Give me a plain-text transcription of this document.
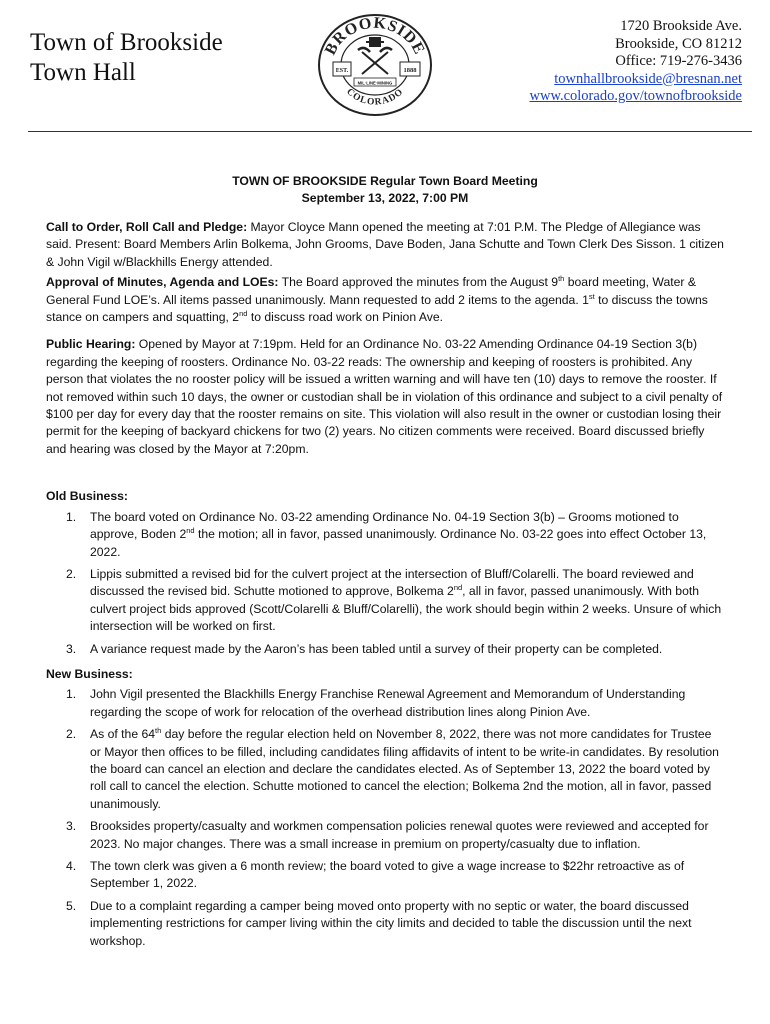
Town of Brookside
Town Hall
BROOKSIDE
COLORADO
EST.	1888
MIL·LINE·MINING
1720 Brookside Ave.
Brookside, CO 81212
Office: 719-276-3436
townhallbrookside@bresnan.net
www.colorado.gov/townofbrookside
TOWN OF BROOKSIDE Regular Town Board Meeting
September 13, 2022, 7:00 PM

Call to Order, Roll Call and Pledge: Mayor Cloyce Mann opened the meeting at 7:01 P.M. The Pledge of Allegiance was said. Present: Board Members Arlin Bolkema, John Grooms, Dave Boden, Jana Schutte and Town Clerk Des Sisson. 1 citizen & John Vigil w/Blackhills Energy attended.

Approval of Minutes, Agenda and LOEs: The Board approved the minutes from the August 9th board meeting, Water & General Fund LOE’s. All items passed unanimously. Mann requested to add 2 items to the agenda. 1st to discuss the towns stance on campers and squatting, 2nd to discuss road work on Pinion Ave.

Public Hearing: Opened by Mayor at 7:19pm. Held for an Ordinance No. 03-22 Amending Ordinance 04-19 Section 3(b) regarding the keeping of roosters. Ordinance No. 03-22 reads: The ownership and keeping of roosters is prohibited. Any person that violates the no rooster policy will be issued a written warning and will have ten (10) days to remove the rooster. If not removed within such 10 days, the owner or custodian shall be in violation of this ordinance and subject to a civil penalty of $100 per day for every day that the rooster remains on site. This violation will also result in the owner or custodian losing their permit for the keeping of backyard chickens for two (2) years. No citizen comments were received. Board discussed briefly and hearing was closed by the Mayor at 7:20pm.

Old Business:
1. The board voted on Ordinance No. 03-22 amending Ordinance No. 04-19 Section 3(b) – Grooms motioned to approve, Boden 2nd the motion; all in favor, passed unanimously. Ordinance No. 03-22 goes into effect October 13, 2022.
2. Lippis submitted a revised bid for the culvert project at the intersection of Bluff/Colarelli. The board reviewed and discussed the revised bid. Schutte motioned to approve, Bolkema 2nd, all in favor, passed unanimously. With both culvert project bids approved (Scott/Colarelli & Bluff/Colarelli), the work should begin within 2 weeks. Unsure of which intersection will be worked on first.
3. A variance request made by the Aaron’s has been tabled until a survey of their property can be completed.
New Business:
1. John Vigil presented the Blackhills Energy Franchise Renewal Agreement and Memorandum of Understanding regarding the scope of work for relocation of the overhead distribution lines along Pinion Ave.
2. As of the 64th day before the regular election held on November 8, 2022, there was not more candidates for Trustee or Mayor then offices to be filled, including candidates filing affidavits of intent to be write-in candidates. By resolution the board can cancel an election and declare the candidates elected. As of September 13, 2022 the board voted by roll call to cancel the election. Schutte motioned to cancel the election; Bolkema 2nd the motion, all in favor, passed unanimously.
3. Brooksides property/casualty and workmen compensation policies renewal quotes were reviewed and accepted for 2023. No major changes. There was a small increase in premium on property/casualty due to inflation.
4. The town clerk was given a 6 month review; the board voted to give a wage increase to $22hr retroactive as of September 1, 2022.
5. Due to a complaint regarding a camper being moved onto property with no septic or water, the board discussed implementing restrictions for camper living within the city limits and decided to table the discussion until the next workshop.
